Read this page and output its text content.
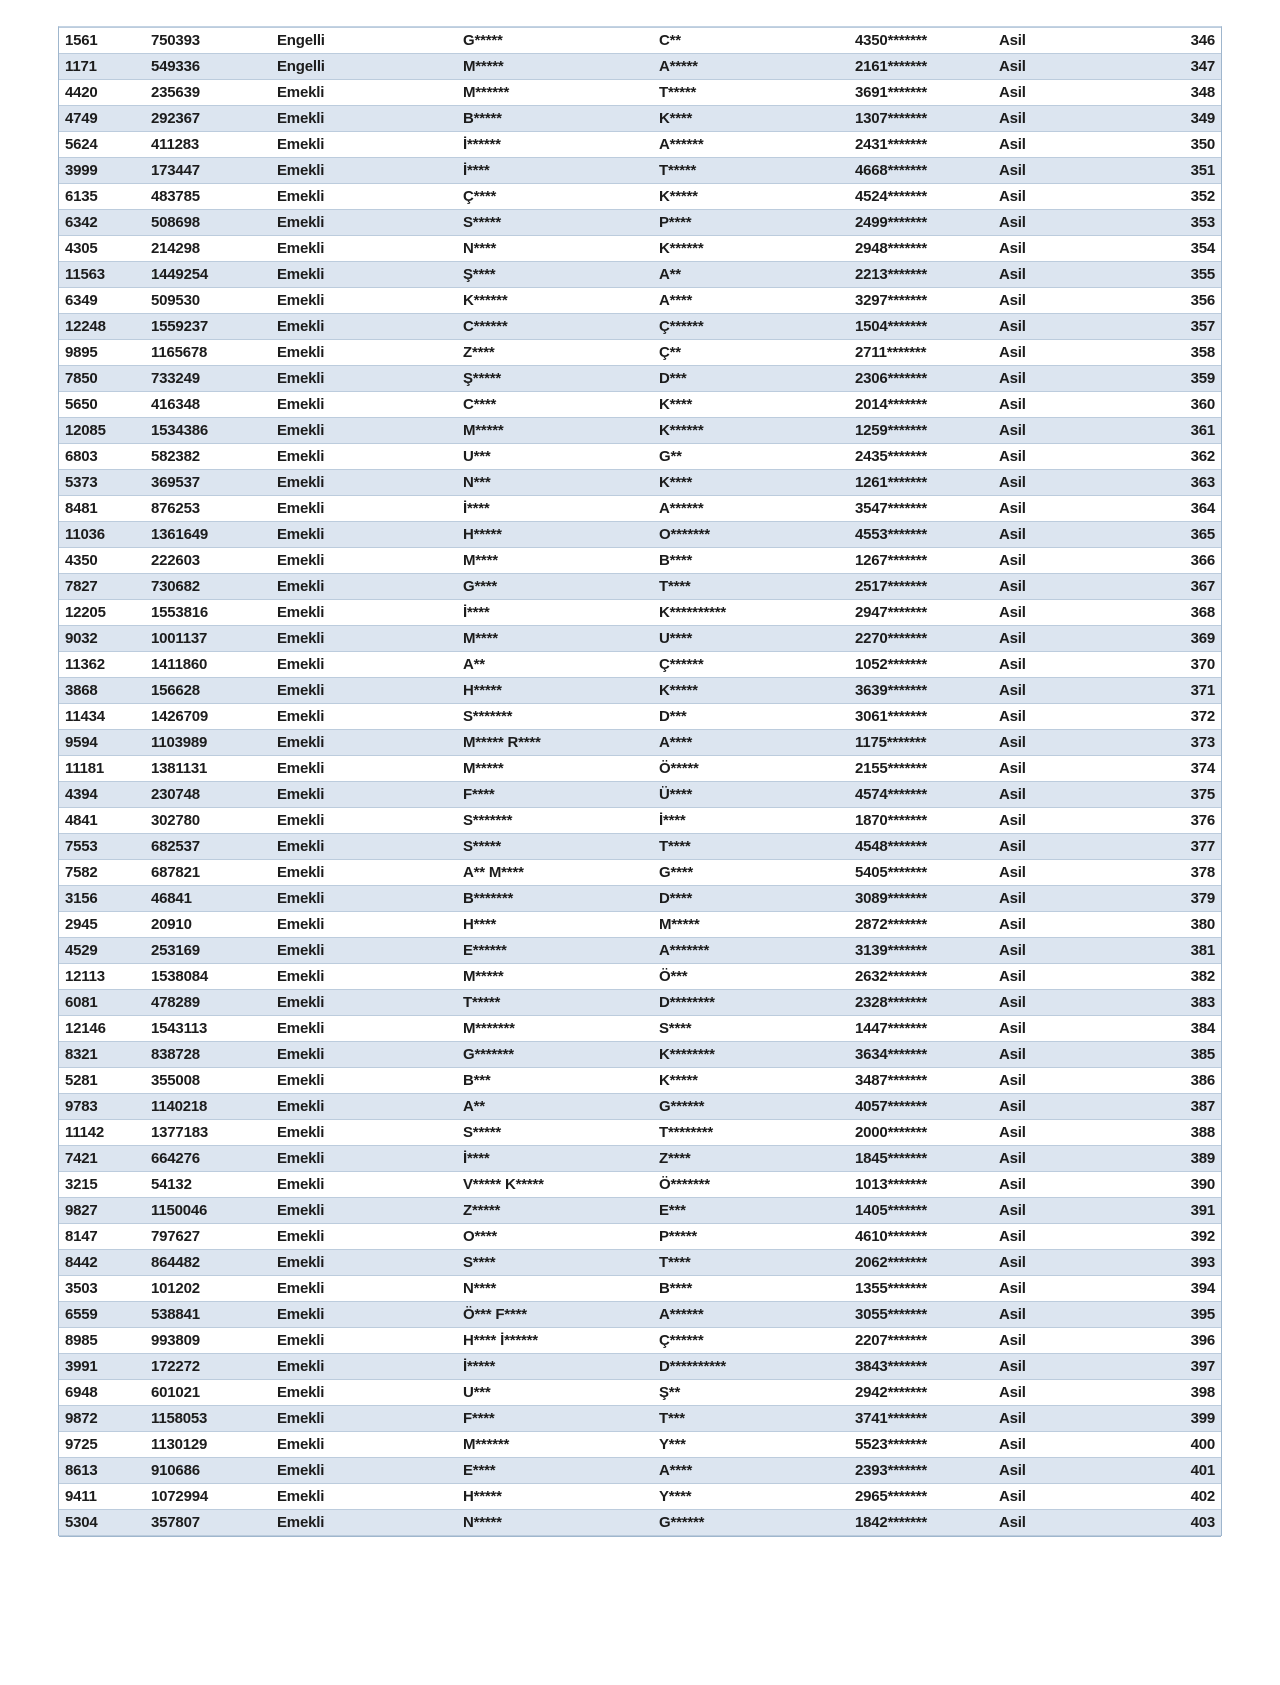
1561	750393	Engelli	G*****	C**	4350*******	Asil	346
1171	549336	Engelli	M*****	A*****	2161*******	Asil	347
4420	235639	Emekli	M******	T*****	3691*******	Asil	348
4749	292367	Emekli	B*****	K****	1307*******	Asil	349
5624	411283	Emekli	İ******	A******	2431*******	Asil	350
3999	173447	Emekli	İ****	T*****	4668*******	Asil	351
6135	483785	Emekli	Ç****	K*****	4524*******	Asil	352
6342	508698	Emekli	S*****	P****	2499*******	Asil	353
4305	214298	Emekli	N****	K******	2948*******	Asil	354
11563	1449254	Emekli	Ş****	A**	2213*******	Asil	355
6349	509530	Emekli	K******	A****	3297*******	Asil	356
12248	1559237	Emekli	C******	Ç******	1504*******	Asil	357
9895	1165678	Emekli	Z****	Ç**	2711*******	Asil	358
7850	733249	Emekli	Ş*****	D***	2306*******	Asil	359
5650	416348	Emekli	C****	K****	2014*******	Asil	360
12085	1534386	Emekli	M*****	K******	1259*******	Asil	361
6803	582382	Emekli	U***	G**	2435*******	Asil	362
5373	369537	Emekli	N***	K****	1261*******	Asil	363
8481	876253	Emekli	İ****	A******	3547*******	Asil	364
11036	1361649	Emekli	H*****	O*******	4553*******	Asil	365
4350	222603	Emekli	M****	B****	1267*******	Asil	366
7827	730682	Emekli	G****	T****	2517*******	Asil	367
12205	1553816	Emekli	İ****	K**********	2947*******	Asil	368
9032	1001137	Emekli	M****	U****	2270*******	Asil	369
11362	1411860	Emekli	A**	Ç******	1052*******	Asil	370
3868	156628	Emekli	H*****	K*****	3639*******	Asil	371
11434	1426709	Emekli	S*******	D***	3061*******	Asil	372
9594	1103989	Emekli	M***** R****	A****	1175*******	Asil	373
11181	1381131	Emekli	M*****	Ö*****	2155*******	Asil	374
4394	230748	Emekli	F****	Ü****	4574*******	Asil	375
4841	302780	Emekli	S*******	İ****	1870*******	Asil	376
7553	682537	Emekli	S*****	T****	4548*******	Asil	377
7582	687821	Emekli	A** M****	G****	5405*******	Asil	378
3156	46841	Emekli	B*******	D****	3089*******	Asil	379
2945	20910	Emekli	H****	M*****	2872*******	Asil	380
4529	253169	Emekli	E******	A*******	3139*******	Asil	381
12113	1538084	Emekli	M*****	Ö***	2632*******	Asil	382
6081	478289	Emekli	T*****	D********	2328*******	Asil	383
12146	1543113	Emekli	M*******	S****	1447*******	Asil	384
8321	838728	Emekli	G*******	K********	3634*******	Asil	385
5281	355008	Emekli	B***	K*****	3487*******	Asil	386
9783	1140218	Emekli	A**	G******	4057*******	Asil	387
11142	1377183	Emekli	S*****	T********	2000*******	Asil	388
7421	664276	Emekli	İ****	Z****	1845*******	Asil	389
3215	54132	Emekli	V***** K*****	Ö*******	1013*******	Asil	390
9827	1150046	Emekli	Z*****	E***	1405*******	Asil	391
8147	797627	Emekli	O****	P*****	4610*******	Asil	392
8442	864482	Emekli	S****	T****	2062*******	Asil	393
3503	101202	Emekli	N****	B****	1355*******	Asil	394
6559	538841	Emekli	Ö*** F****	A******	3055*******	Asil	395
8985	993809	Emekli	H**** İ******	Ç******	2207*******	Asil	396
3991	172272	Emekli	İ*****	D**********	3843*******	Asil	397
6948	601021	Emekli	U***	Ş**	2942*******	Asil	398
9872	1158053	Emekli	F****	T***	3741*******	Asil	399
9725	1130129	Emekli	M******	Y***	5523*******	Asil	400
8613	910686	Emekli	E****	A****	2393*******	Asil	401
9411	1072994	Emekli	H*****	Y****	2965*******	Asil	402
5304	357807	Emekli	N*****	G******	1842*******	Asil	403
